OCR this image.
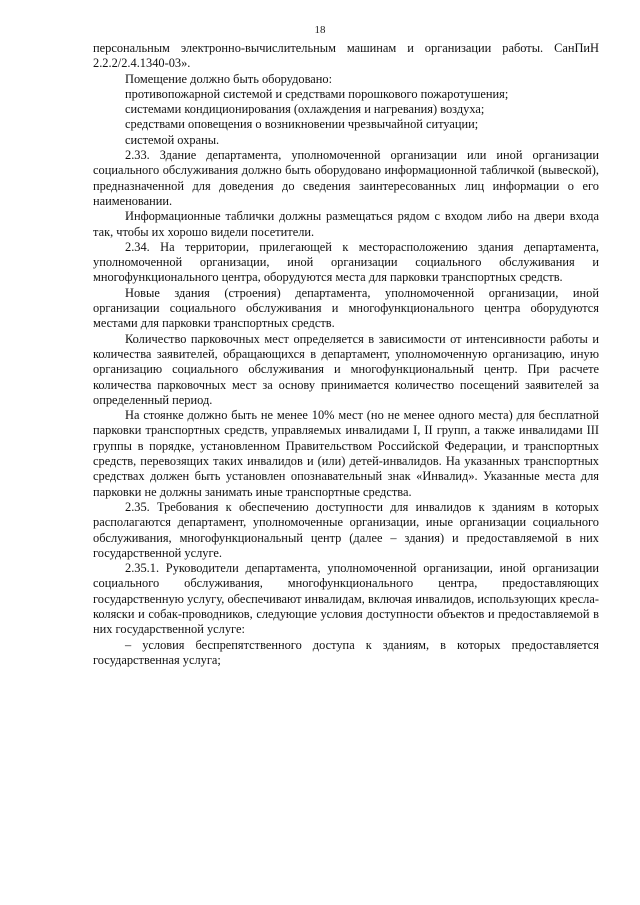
18

персональным электронно-вычислительным машинам и организации работы. СанПиН 2.2.2/2.4.1340-03».

Помещение должно быть оборудовано:
противопожарной системой и средствами порошкового пожаротушения;
системами кондиционирования (охлаждения и нагревания) воздуха;
средствами оповещения о возникновении чрезвычайной ситуации;
системой охраны.

2.33. Здание департамента, уполномоченной организации или иной организации социального обслуживания должно быть оборудовано информационной табличкой (вывеской), предназначенной для доведения до сведения заинтересованных лиц информации о его наименовании.

Информационные таблички должны размещаться рядом с входом либо на двери входа так, чтобы их хорошо видели посетители.

2.34. На территории, прилегающей к месторасположению здания департамента, уполномоченной организации, иной организации социального обслуживания и многофункционального центра, оборудуются места для парковки транспортных средств.

Новые здания (строения) департамента, уполномоченной организации, иной организации социального обслуживания и многофункционального центра оборудуются местами для парковки транспортных средств.

Количество парковочных мест определяется в зависимости от интенсивности работы и количества заявителей, обращающихся в департамент, уполномоченную организацию, иную организацию социального обслуживания и многофункциональный центр. При расчете количества парковочных мест за основу принимается количество посещений заявителей за определенный период.

На стоянке должно быть не менее 10% мест (но не менее одного места) для бесплатной парковки транспортных средств, управляемых инвалидами I, II групп, а также инвалидами III группы в порядке, установленном Правительством Российской Федерации, и транспортных средств, перевозящих таких инвалидов и (или) детей-инвалидов. На указанных транспортных средствах должен быть установлен опознавательный знак «Инвалид». Указанные места для парковки не должны занимать иные транспортные средства.

2.35. Требования к обеспечению доступности для инвалидов к зданиям в которых располагаются департамент, уполномоченные организации, иные организации социального обслуживания, многофункциональный центр (далее – здания) и предоставляемой в них государственной услуге.

2.35.1. Руководители департамента, уполномоченной организации, иной организации социального обслуживания, многофункционального центра, предоставляющих государственную услугу, обеспечивают инвалидам, включая инвалидов, использующих кресла-коляски и собак-проводников, следующие условия доступности объектов и предоставляемой в них государственной услуге:

– условия беспрепятственного доступа к зданиям, в которых предоставляется государственная услуга;
